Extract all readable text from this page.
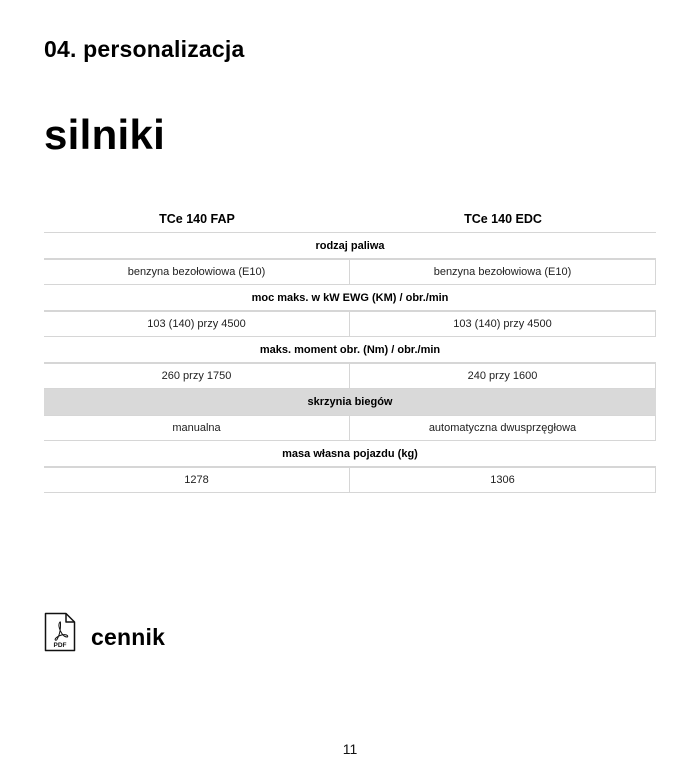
04. personalizacja
silniki
TCe 140 FAP	TCe 140 EDC
rodzaj paliwa
benzyna bezołowiowa (E10)	benzyna bezołowiowa (E10)
moc maks. w kW EWG (KM) / obr./min
103 (140) przy 4500	103 (140) przy 4500
maks. moment obr. (Nm) / obr./min
260 przy 1750	240 przy 1600
skrzynia biegów
manualna	automatyczna dwusprzęgłowa
masa własna pojazdu (kg)
1278	1306
PDF cennik
11
